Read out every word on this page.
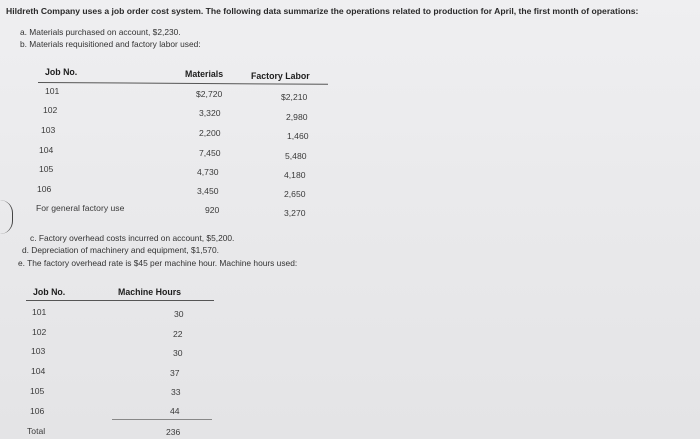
Hildreth Company uses a job order cost system. The following data summarize the operations related to production for April, the first month of operations:
a. Materials purchased on account, $2,230.
b. Materials requisitioned and factory labor used:
Job No.	Materials	Factory Labor
101	$2,720	$2,210
102	3,320	2,980
103	2,200	1,460
104	7,450	5,480
105	4,730	4,180
106	3,450	2,650
For general factory use	920	3,270
c. Factory overhead costs incurred on account, $5,200.
d. Depreciation of machinery and equipment, $1,570.
e. The factory overhead rate is $45 per machine hour. Machine hours used:
Job No.	Machine Hours
101	30
102	22
103	30
104	37
105	33
106	44
Total	236
